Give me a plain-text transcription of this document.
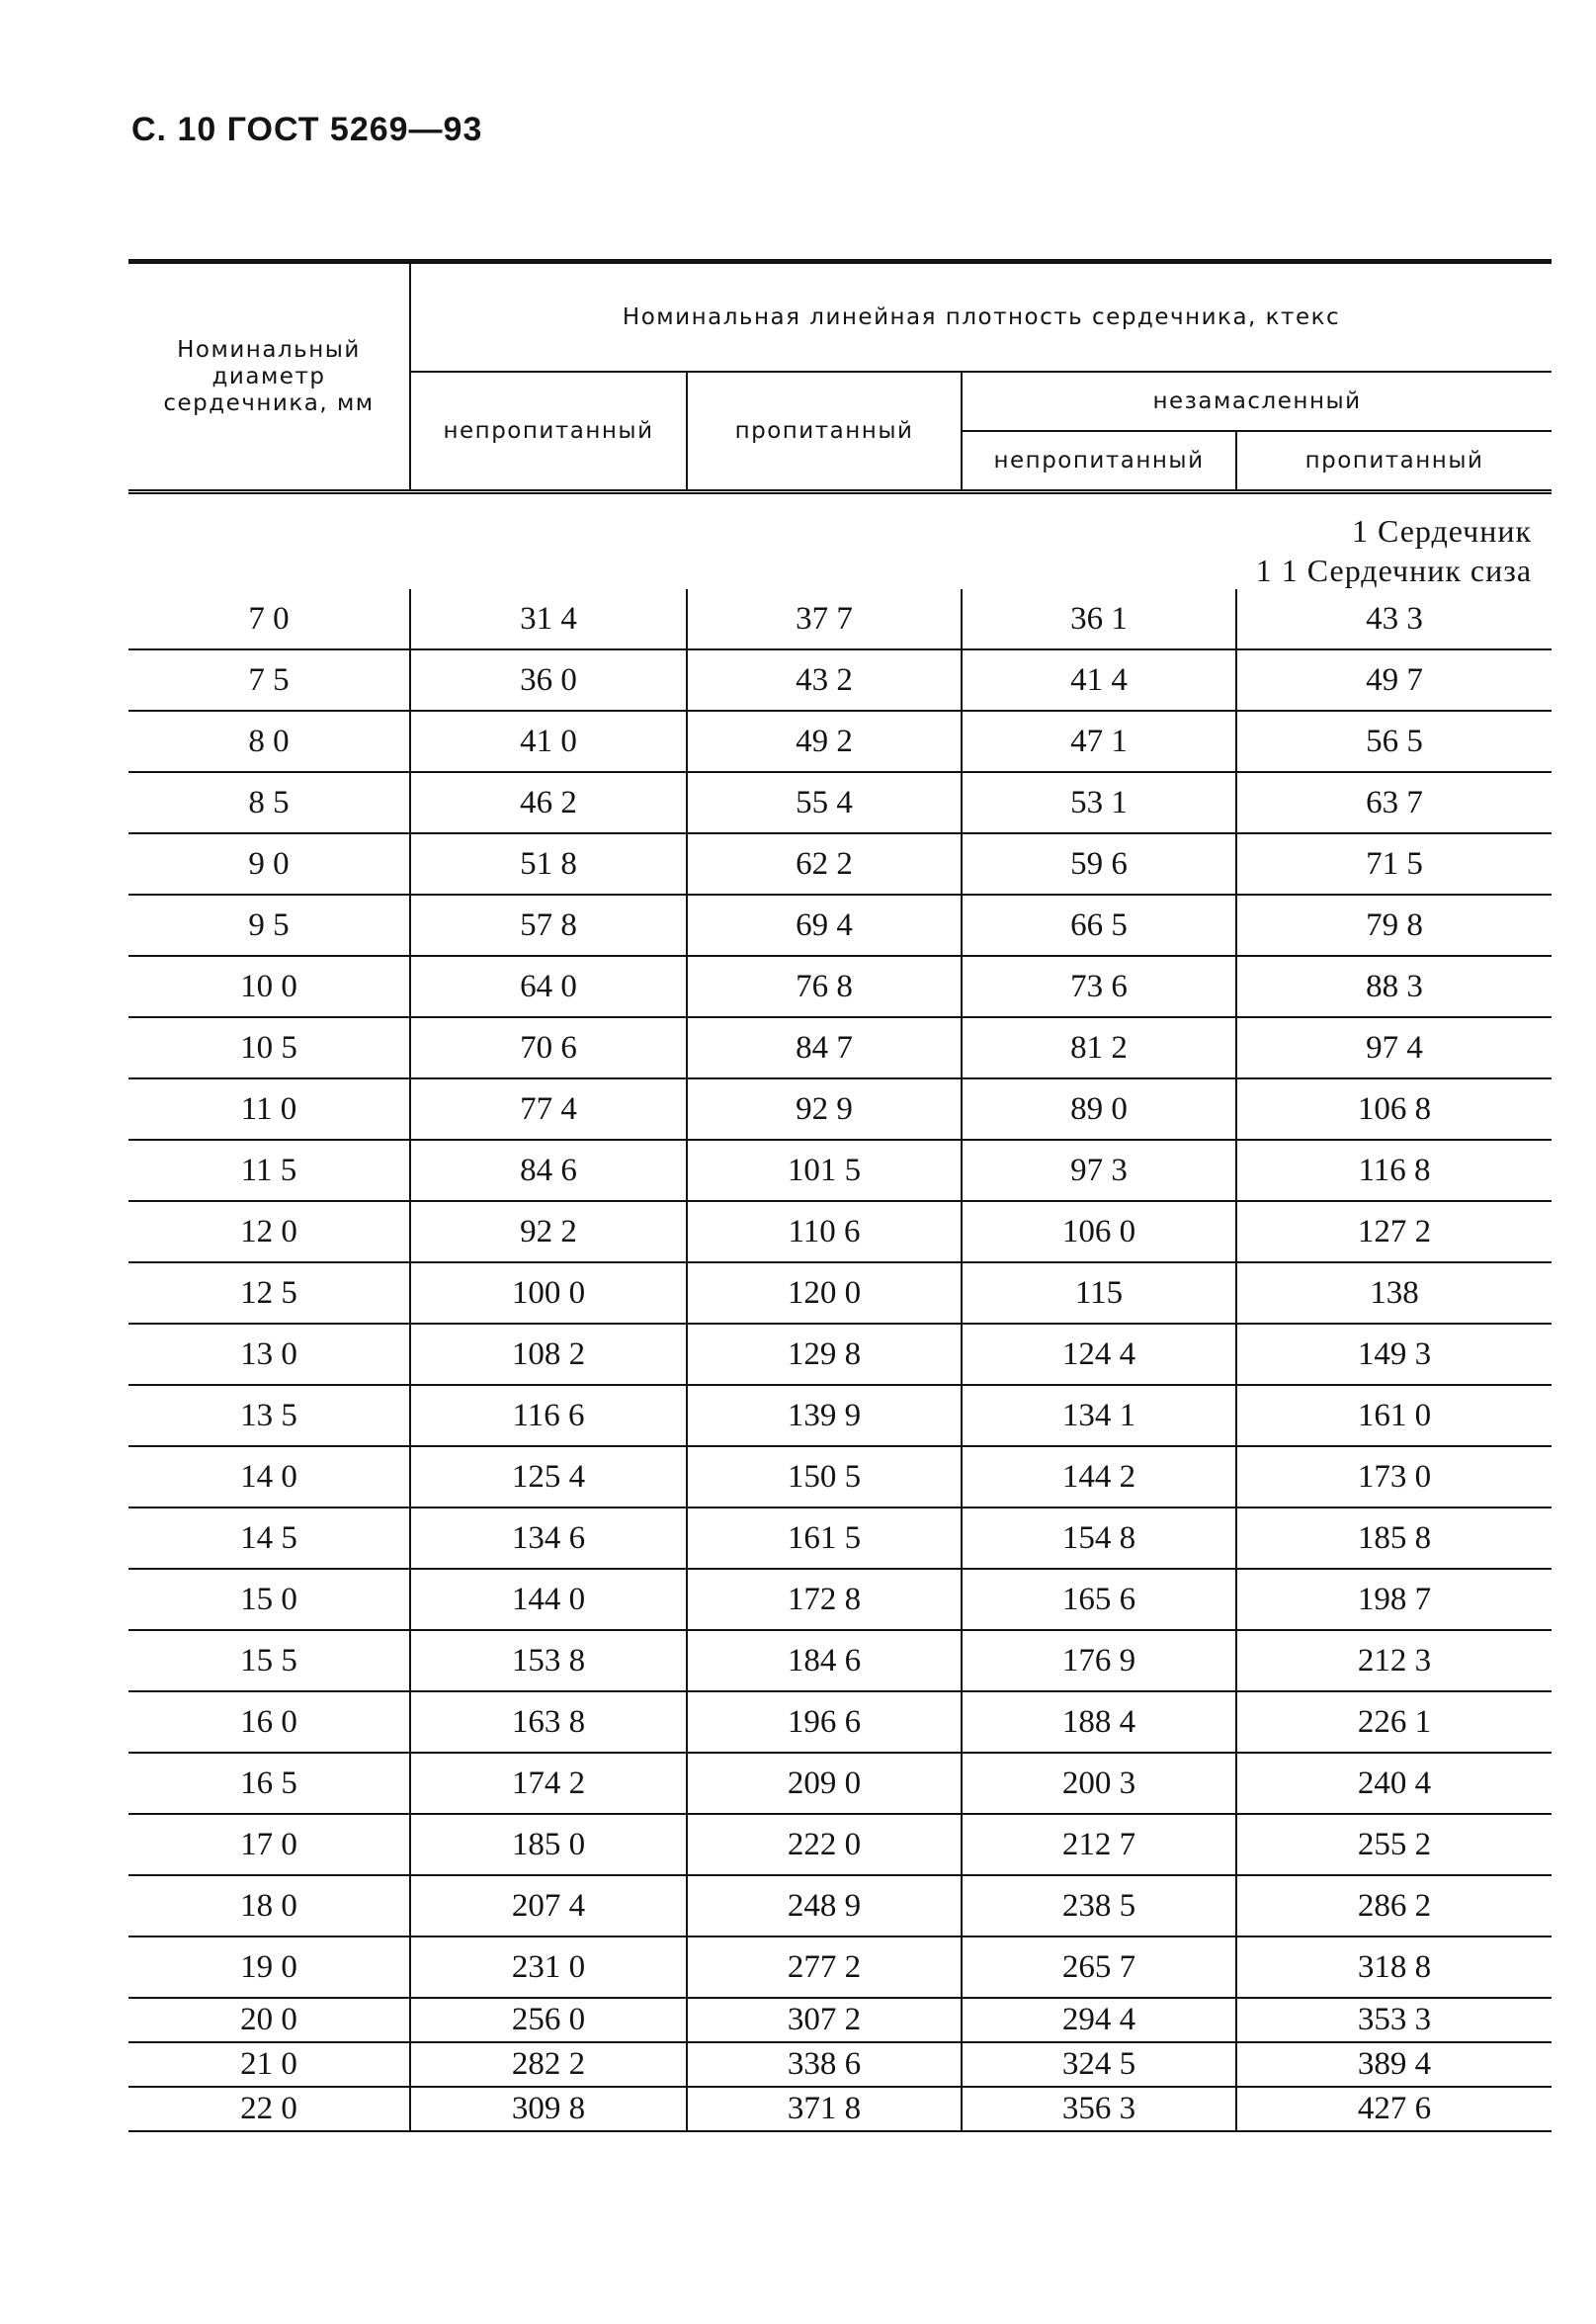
С. 10 ГОСТ 5269—93
Номинальный диаметр сердечника, мм	Номинальная линейная плотность сердечника, ктекс			
	непропитанный	пропитанный	незамасленный	
			непропитанный	пропитанный
1 Сердечник				
1 1 Сердечник сиза				
7 0	31 4	37 7	36 1	43 3
7 5	36 0	43 2	41 4	49 7
8 0	41 0	49 2	47 1	56 5
8 5	46 2	55 4	53 1	63 7
9 0	51 8	62 2	59 6	71 5
9 5	57 8	69 4	66 5	79 8
10 0	64 0	76 8	73 6	88 3
10 5	70 6	84 7	81 2	97 4
11 0	77 4	92 9	89 0	106 8
11 5	84 6	101 5	97 3	116 8
12 0	92 2	110 6	106 0	127 2
12 5	100 0	120 0	115	138
13 0	108 2	129 8	124 4	149 3
13 5	116 6	139 9	134 1	161 0
14 0	125 4	150 5	144 2	173 0
14 5	134 6	161 5	154 8	185 8
15 0	144 0	172 8	165 6	198 7
15 5	153 8	184 6	176 9	212 3
16 0	163 8	196 6	188 4	226 1
16 5	174 2	209 0	200 3	240 4
17 0	185 0	222 0	212 7	255 2
18 0	207 4	248 9	238 5	286 2
19 0	231 0	277 2	265 7	318 8
20 0	256 0	307 2	294 4	353 3
21 0	282 2	338 6	324 5	389 4
22 0	309 8	371 8	356 3	427 6
